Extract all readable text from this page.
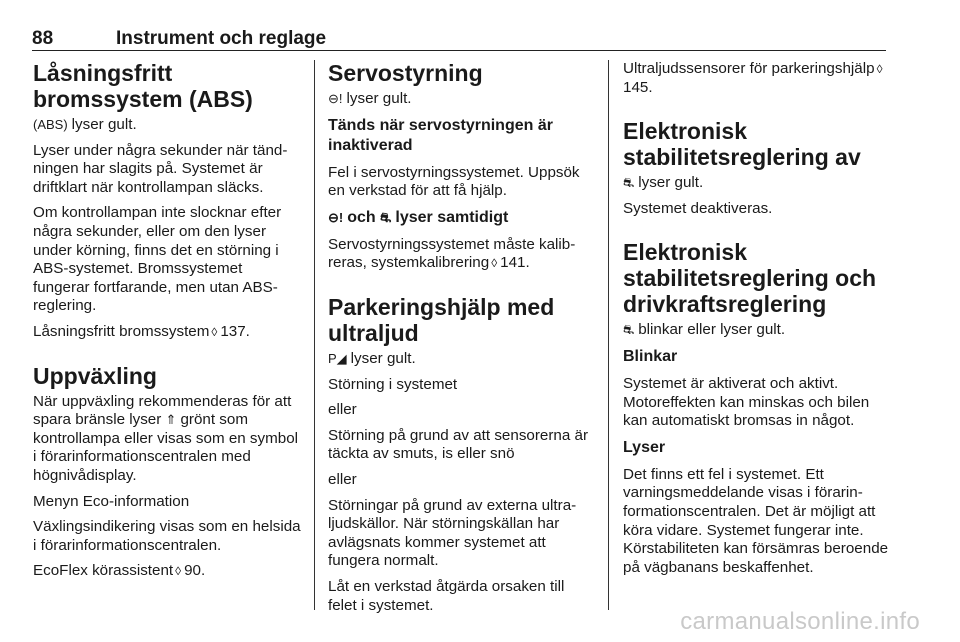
88	Instrument och reglage
Låsningsfritt bromssystem (ABS)

(ABS) lyser gult.

Lyser under några sekunder när tändningen har slagits på. Systemet är driftklart när kontrollampan släcks.

Om kontrollampan inte slocknar efter några sekunder, eller om den lyser under körning, finns det en störning i ABS-systemet. Bromssystemet fungerar fortfarande, men utan ABS-reglering.

Låsningsfritt bromssystem ◊ 137.

Uppväxling

När uppväxling rekommenderas för att spara bränsle lyser ⇑ grönt som kontrollampa eller visas som en symbol i förarinformationscentralen med högnivådisplay.

Menyn Eco-information

Växlingsindikering visas som en helsida i förarinformationscentralen.

EcoFlex körassistent ◊ 90.

Servostyrning

⊖! lyser gult.

Tänds när servostyrningen är inaktiverad

Fel i servostyrningssystemet. Uppsök en verkstad för att få hjälp.

⊖! och ⛐ lyser samtidigt

Servostyrningssystemet måste kalibreras, systemkalibrering ◊ 141.

Parkeringshjälp med ultraljud

P◢ lyser gult.

Störning i systemet

eller

Störning på grund av att sensorerna är täckta av smuts, is eller snö

eller

Störningar på grund av externa ultraljudskällor. När störningskällan har avlägsnats kommer systemet att fungera normalt.

Låt en verkstad åtgärda orsaken till felet i systemet.

Ultraljudssensorer för parkeringshjälp ◊145.

Elektronisk stabilitetsreglering av

⛐ lyser gult.

Systemet deaktiveras.

Elektronisk stabilitetsreglering och drivkraftsreglering

⛐ blinkar eller lyser gult.

Blinkar

Systemet är aktiverat och aktivt. Motoreffekten kan minskas och bilen kan automatiskt bromsas in något.

Lyser

Det finns ett fel i systemet. Ett varningsmeddelande visas i förarinformationscentralen. Det är möjligt att köra vidare. Systemet fungerar inte. Körstabiliteten kan försämras beroende på vägbanans beskaffenhet.

carmanualsonline.info
